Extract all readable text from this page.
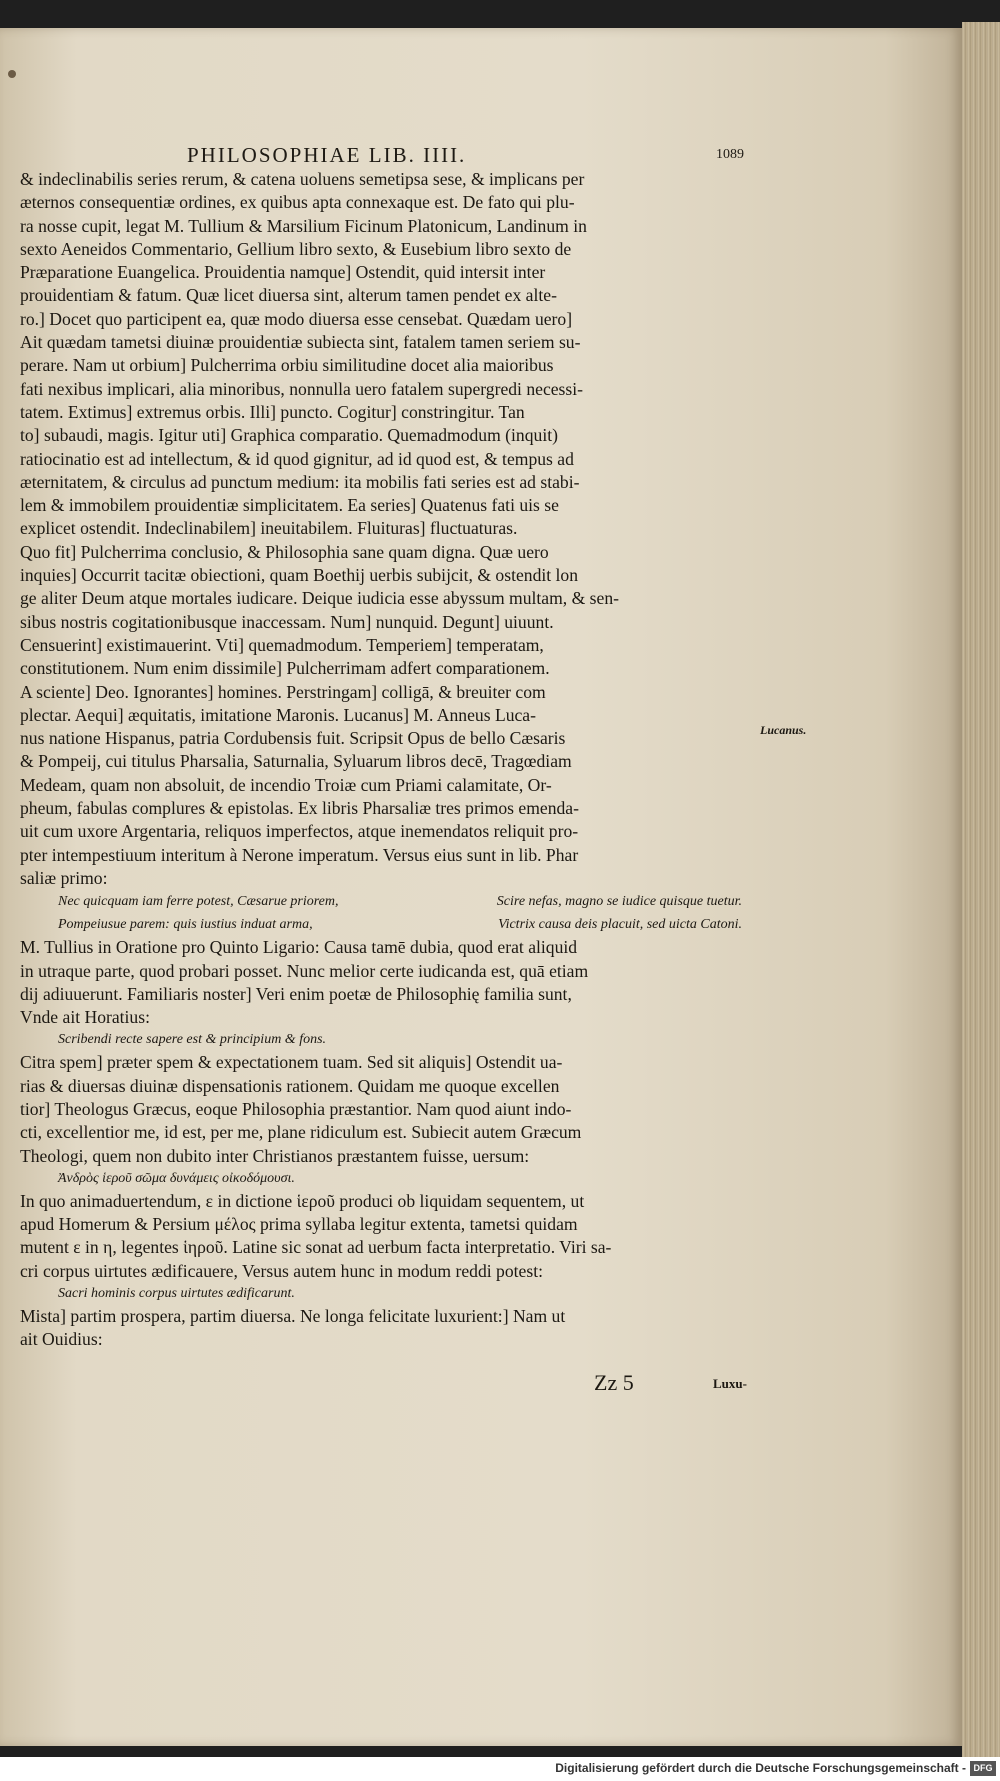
PHILOSOPHIAE LIB. IIII.	1089
& indeclinabilis series rerum, & catena uoluens semetipsa sese, & implicans per
æternos consequentiæ ordines, ex quibus apta connexaque est. De fato qui plu-
ra nosse cupit, legat M. Tullium & Marsilium Ficinum Platonicum, Landinum in
sexto Aeneidos Commentario, Gellium libro sexto, & Eusebium libro sexto de
Præparatione Euangelica. Prouidentia namque] Ostendit, quid intersit inter
prouidentiam & fatum. Quæ licet diuersa sint, alterum tamen pendet ex alte-
ro.] Docet quo participent ea, quæ modo diuersa esse censebat. Quædam uero]
Ait quædam tametsi diuinæ prouidentiæ subiecta sint, fatalem tamen seriem su-
perare. Nam ut orbium] Pulcherrima orbiu similitudine docet alia maioribus
fati nexibus implicari, alia minoribus, nonnulla uero fatalem supergredi necessi-
tatem. Extimus] extremus orbis. Illi] puncto. Cogitur] constringitur. Tan
to] subaudi, magis. Igitur uti] Graphica comparatio. Quemadmodum (inquit)
ratiocinatio est ad intellectum, & id quod gignitur, ad id quod est, & tempus ad
æternitatem, & circulus ad punctum medium: ita mobilis fati series est ad stabi-
lem & immobilem prouidentiæ simplicitatem. Ea series] Quatenus fati uis se
explicet ostendit. Indeclinabilem] ineuitabilem. Fluituras] fluctuaturas.
Quo fit] Pulcherrima conclusio, & Philosophia sane quam digna. Quæ uero
inquies] Occurrit tacitæ obiectioni, quam Boethij uerbis subijcit, & ostendit lon
ge aliter Deum atque mortales iudicare. Deique iudicia esse abyssum multam, & sen-
sibus nostris cogitationibusque inaccessam. Num] nunquid. Degunt] uiuunt.
Censuerint] existimauerint. Vti] quemadmodum. Temperiem] temperatam,
constitutionem. Num enim dissimile] Pulcherrimam adfert comparationem.
A sciente] Deo. Ignorantes] homines. Perstringam] colligā, & breuiter com
plectar. Aequi] æquitatis, imitatione Maronis. Lucanus] M. Anneus Luca-
nus natione Hispanus, patria Cordubensis fuit. Scripsit Opus de bello Cæsaris
& Pompeij, cui titulus Pharsalia, Saturnalia, Syluarum libros decē, Tragœdiam
Medeam, quam non absoluit, de incendio Troiæ cum Priami calamitate, Or-
pheum, fabulas complures & epistolas. Ex libris Pharsaliæ tres primos emenda-
uit cum uxore Argentaria, reliquos imperfectos, atque inemendatos reliquit pro-
pter intempestiuum interitum à Nerone imperatum. Versus eius sunt in lib. Phar
saliæ primo:
Nec quicquam iam ferre potest, Cæsarue priorem,	Scire nefas, magno se iudice quisque tuetur.
Pompeiusue parem: quis iustius induat arma,	Victrix causa deis placuit, sed uicta Catoni.
M. Tullius in Oratione pro Quinto Ligario: Causa tamē dubia, quod erat aliquid
in utraque parte, quod probari posset. Nunc melior certe iudicanda est, quā etiam
dij adiuuerunt. Familiaris noster] Veri enim poetæ de Philosophię familia sunt,
Vnde ait Horatius:
Scribendi recte sapere est & principium & fons.
Citra spem] præter spem & expectationem tuam. Sed sit aliquis] Ostendit ua-
rias & diuersas diuinæ dispensationis rationem. Quidam me quoque excellen
tior] Theologus Græcus, eoque Philosophia præstantior. Nam quod aiunt indo-
cti, excellentior me, id est, per me, plane ridiculum est. Subiecit autem Græcum
Theologi, quem non dubito inter Christianos præstantem fuisse, uersum:
Ἀνδρὸς ἱεροῦ σῶμα δυνάμεις οἰκοδόμουσι.
In quo animaduertendum, ε in dictione ἱεροῦ produci ob liquidam sequentem, ut
apud Homerum & Persium μέλος prima syllaba legitur extenta, tametsi quidam
mutent ε in η, legentes ἱηροῦ. Latine sic sonat ad uerbum facta interpretatio. Viri sa-
cri corpus uirtutes ædificauere, Versus autem hunc in modum reddi potest:
Sacri hominis corpus uirtutes ædificarunt.
Mista] partim prospera, partim diuersa. Ne longa felicitate luxurient:] Nam ut
ait Ouidius:
Lucanus.
Zz 5	Luxu-
Digitalisierung gefördert durch die Deutsche Forschungsgemeinschaft - DFG
